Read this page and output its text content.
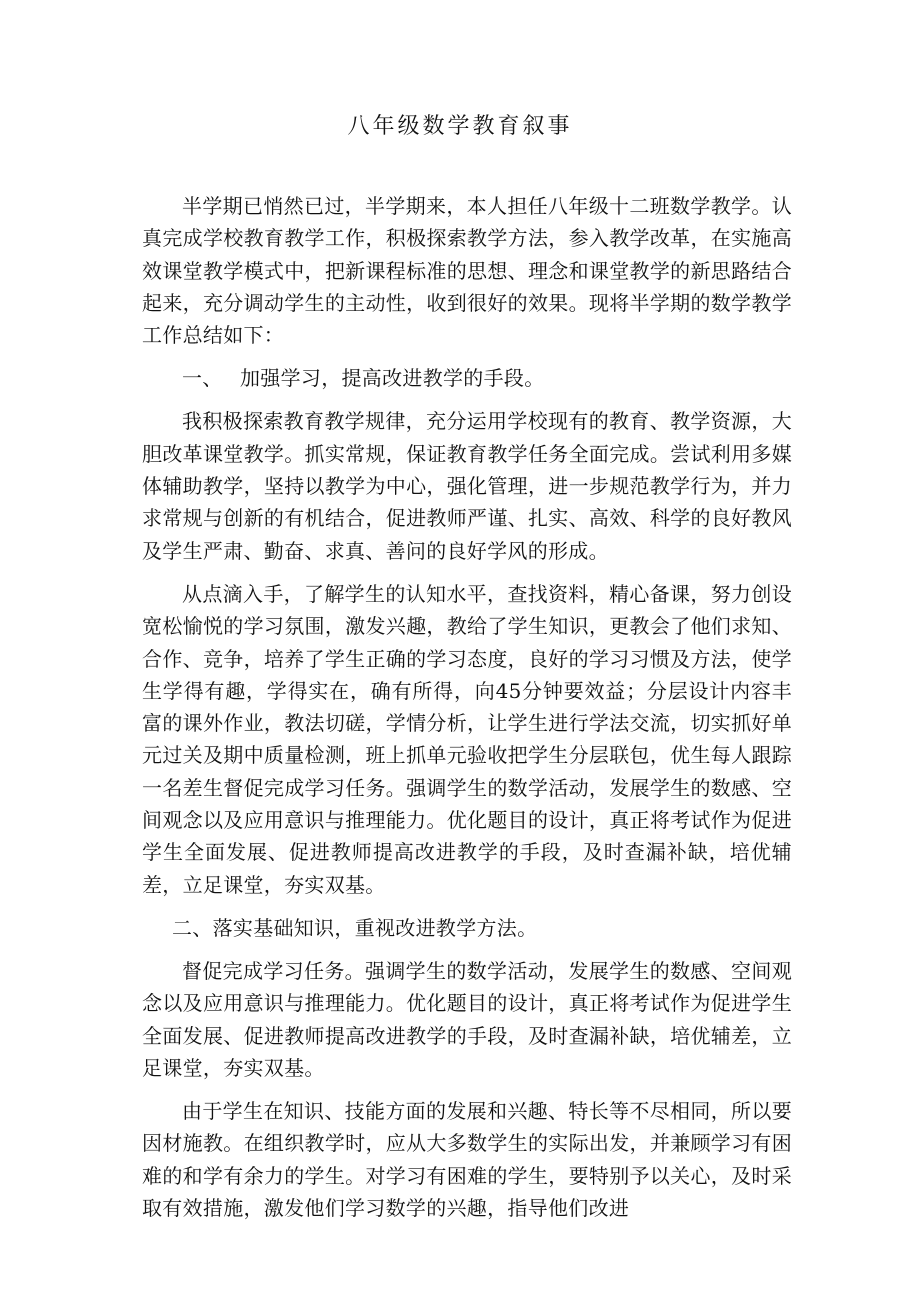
八年级数学教育叙事

半学期已悄然已过，半学期来，本人担任八年级十二班数学教学。认真完成学校教育教学工作，积极探索教学方法，参入教学改革，在实施高效课堂教学模式中，把新课程标准的思想、理念和课堂教学的新思路结合起来，充分调动学生的主动性，收到很好的效果。现将半学期的数学教学工作总结如下：

一、 加强学习，提高改进教学的手段。

我积极探索教育教学规律，充分运用学校现有的教育、教学资源，大胆改革课堂教学。抓实常规，保证教育教学任务全面完成。尝试利用多媒体辅助教学，坚持以教学为中心，强化管理，进一步规范教学行为，并力求常规与创新的有机结合，促进教师严谨、扎实、高效、科学的良好教风及学生严肃、勤奋、求真、善问的良好学风的形成。

从点滴入手，了解学生的认知水平，查找资料，精心备课，努力创设宽松愉悦的学习氛围，激发兴趣，教给了学生知识，更教会了他们求知、合作、竞争，培养了学生正确的学习态度，良好的学习习惯及方法，使学生学得有趣，学得实在，确有所得，向45分钟要效益；分层设计内容丰富的课外作业，教法切磋，学情分析，让学生进行学法交流，切实抓好单元过关及期中质量检测，班上抓单元验收把学生分层联包，优生每人跟踪一名差生督促完成学习任务。强调学生的数学活动，发展学生的数感、空间观念以及应用意识与推理能力。优化题目的设计，真正将考试作为促进学生全面发展、促进教师提高改进教学的手段，及时查漏补缺，培优辅差，立足课堂，夯实双基。

二、落实基础知识，重视改进教学方法。

督促完成学习任务。强调学生的数学活动，发展学生的数感、空间观念以及应用意识与推理能力。优化题目的设计，真正将考试作为促进学生全面发展、促进教师提高改进教学的手段，及时查漏补缺，培优辅差，立足课堂，夯实双基。

由于学生在知识、技能方面的发展和兴趣、特长等不尽相同，所以要因材施教。在组织教学时，应从大多数学生的实际出发，并兼顾学习有困难的和学有余力的学生。对学习有困难的学生，要特别予以关心，及时采取有效措施，激发他们学习数学的兴趣，指导他们改进
